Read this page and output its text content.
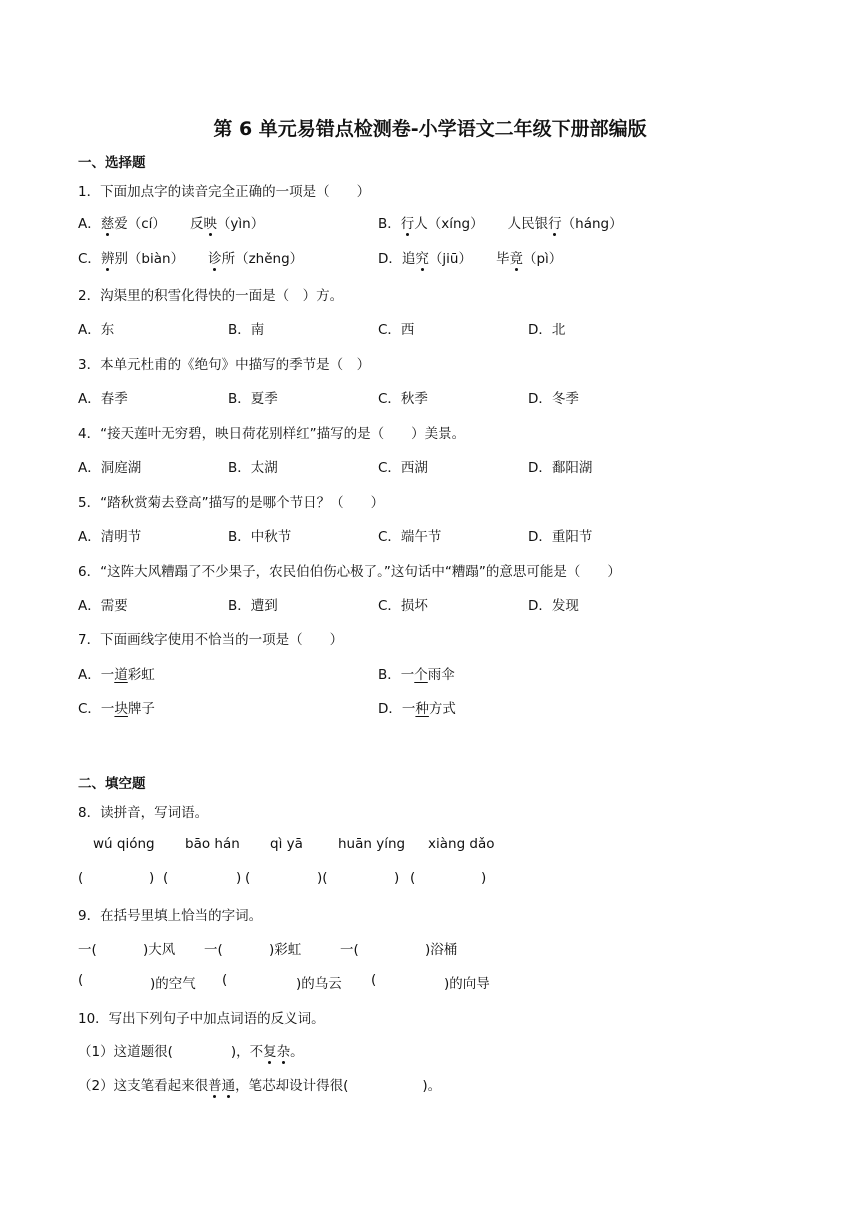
第 6 单元易错点检测卷-小学语文二年级下册部编版
一、选择题
1．下面加点字的读音完全正确的一项是（　　）
A．慈爱（cí） 反映（yìn）	B．行人（xíng） 人民银行（háng）
C．辨别（biàn） 诊所（zhěng）	D．追究（jiū） 毕竟（pì）
2．沟渠里的积雪化得快的一面是（　）方。
A．东	B．南	C．西	D．北
3．本单元杜甫的《绝句》中描写的季节是（　）
A．春季	B．夏季	C．秋季	D．冬季
4．“接天莲叶无穷碧，映日荷花别样红”描写的是（　　）美景。
A．洞庭湖	B．太湖	C．西湖	D．鄱阳湖
5．“踏秋赏菊去登高”描写的是哪个节日？（　　）
A．清明节	B．中秋节	C．端午节	D．重阳节
6．“这阵大风糟蹋了不少果子，农民伯伯伤心极了。”这句话中“糟蹋”的意思可能是（　　）
A．需要	B．遭到	C．损坏	D．发现
7．下面画线字使用不恰当的一项是（　　）
A．一道彩虹	B．一个雨伞
C．一块牌子	D．一种方式
二、填空题
8．读拼音，写词语。
wú qióng bāo hán qì yā	huān yíng xiàng dǎo
(	) (	) (	)(	) (	)
9．在括号里填上恰当的字词。
一(	)大风 一(	)彩虹	一(	)浴桶
(	)的空气 (	)的乌云 (	)的向导
10．写出下列句子中加点词语的反义词。
（1）这道题很(	)，不复杂。
（2）这支笔看起来很普通，笔芯却设计得很(	)。
